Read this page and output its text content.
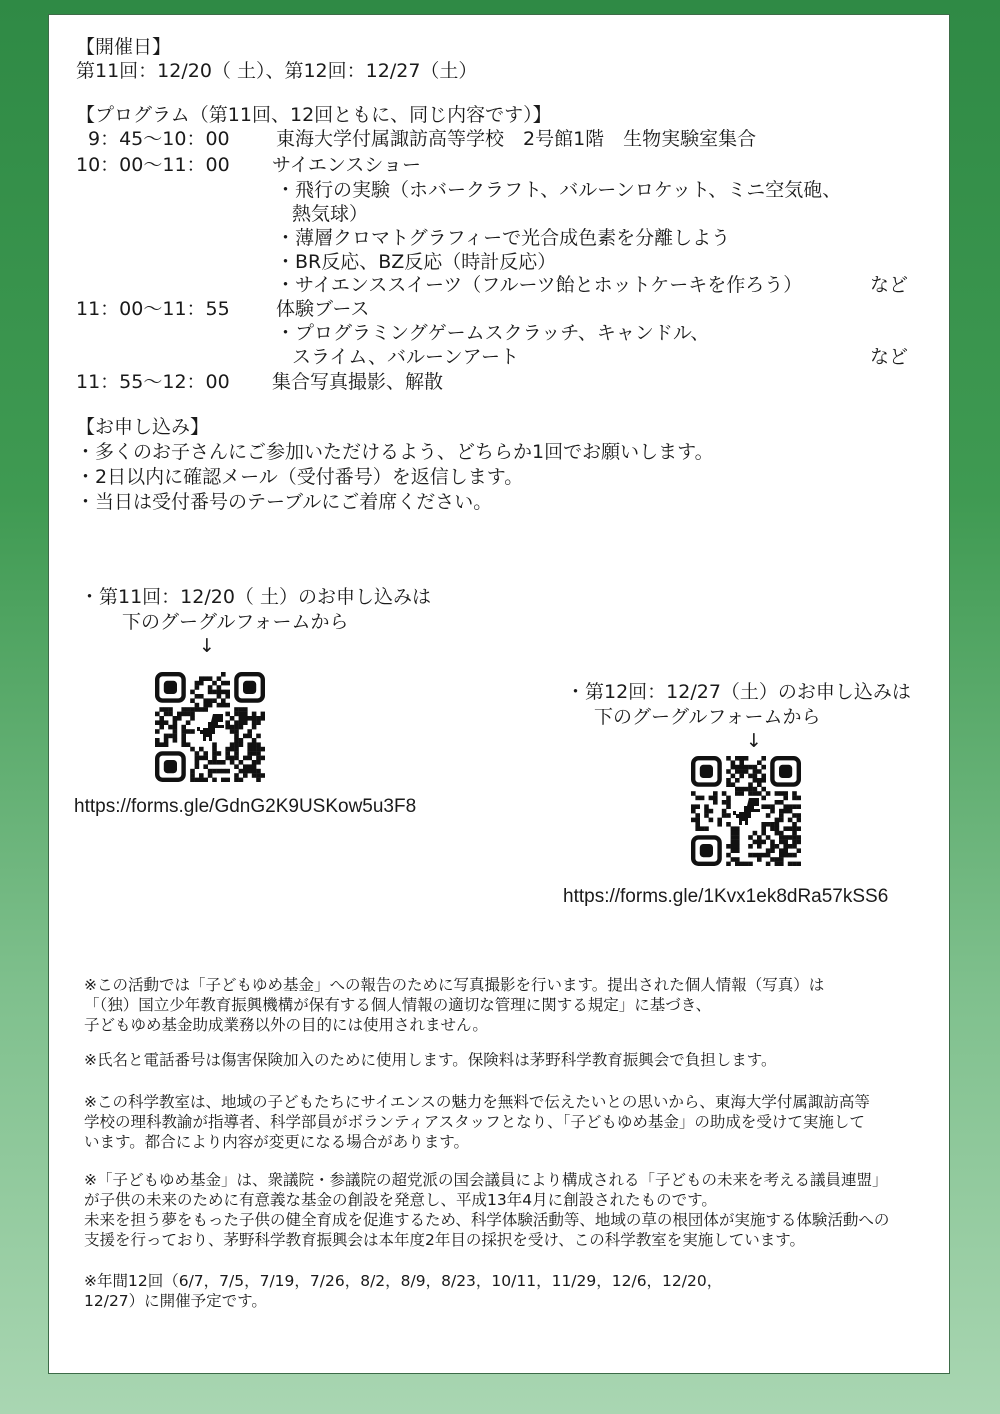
【開催日】
第11回：12/20（ 土）、第12回：12/27（土）
【プログラム（第11回、12回ともに、同じ内容です）】
9：45～10：00 東海大学付属諏訪高等学校　2号館1階　生物実験室集合
10：00～11：00 サイエンスショー
・飛行の実験（ホバークラフト、バルーンロケット、ミニ空気砲、
熱気球）
・薄層クロマトグラフィーで光合成色素を分離しよう
・BR反応、BZ反応（時計反応）
・サイエンススイーツ（フルーツ飴とホットケーキを作ろう）	など
11：00～11：55 体験ブース
・プログラミングゲームスクラッチ、キャンドル、
スライム、バルーンアート	など
11：55～12：00 集合写真撮影、解散
【お申し込み】
・多くのお子さんにご参加いただけるよう、どちらか1回でお願いします。
・2日以内に確認メール（受付番号）を返信します。
・当日は受付番号のテーブルにご着席ください。
・第11回：12/20（ 土）のお申し込みは
下のグーグルフォームから
↓
https://forms.gle/GdnG2K9USKow5u3F8
・第12回：12/27（土）のお申し込みは
下のグーグルフォームから
↓
https://forms.gle/1Kvx1ek8dRa57kSS6
※この活動では「子どもゆめ基金」への報告のために写真撮影を行います。提出された個人情報（写真）は
「（独）国立少年教育振興機構が保有する個人情報の適切な管理に関する規定」に基づき、
子どもゆめ基金助成業務以外の目的には使用されません。
※氏名と電話番号は傷害保険加入のために使用します。保険料は茅野科学教育振興会で負担します。
※この科学教室は、地域の子どもたちにサイエンスの魅力を無料で伝えたいとの思いから、東海大学付属諏訪高等
学校の理科教諭が指導者、科学部員がボランティアスタッフとなり、「子どもゆめ基金」の助成を受けて実施して
います。都合により内容が変更になる場合があります。
※「子どもゆめ基金」は、衆議院・参議院の超党派の国会議員により構成される「子どもの未来を考える議員連盟」
が子供の未来のために有意義な基金の創設を発意し、平成13年4月に創設されたものです。
未来を担う夢をもった子供の健全育成を促進するため、科学体験活動等、地域の草の根団体が実施する体験活動への
支援を行っており、茅野科学教育振興会は本年度2年目の採択を受け、この科学教室を実施しています。
※年間12回（6/7，7/5，7/19，7/26，8/2，8/9，8/23，10/11，11/29，12/6，12/20，
12/27）に開催予定です。
